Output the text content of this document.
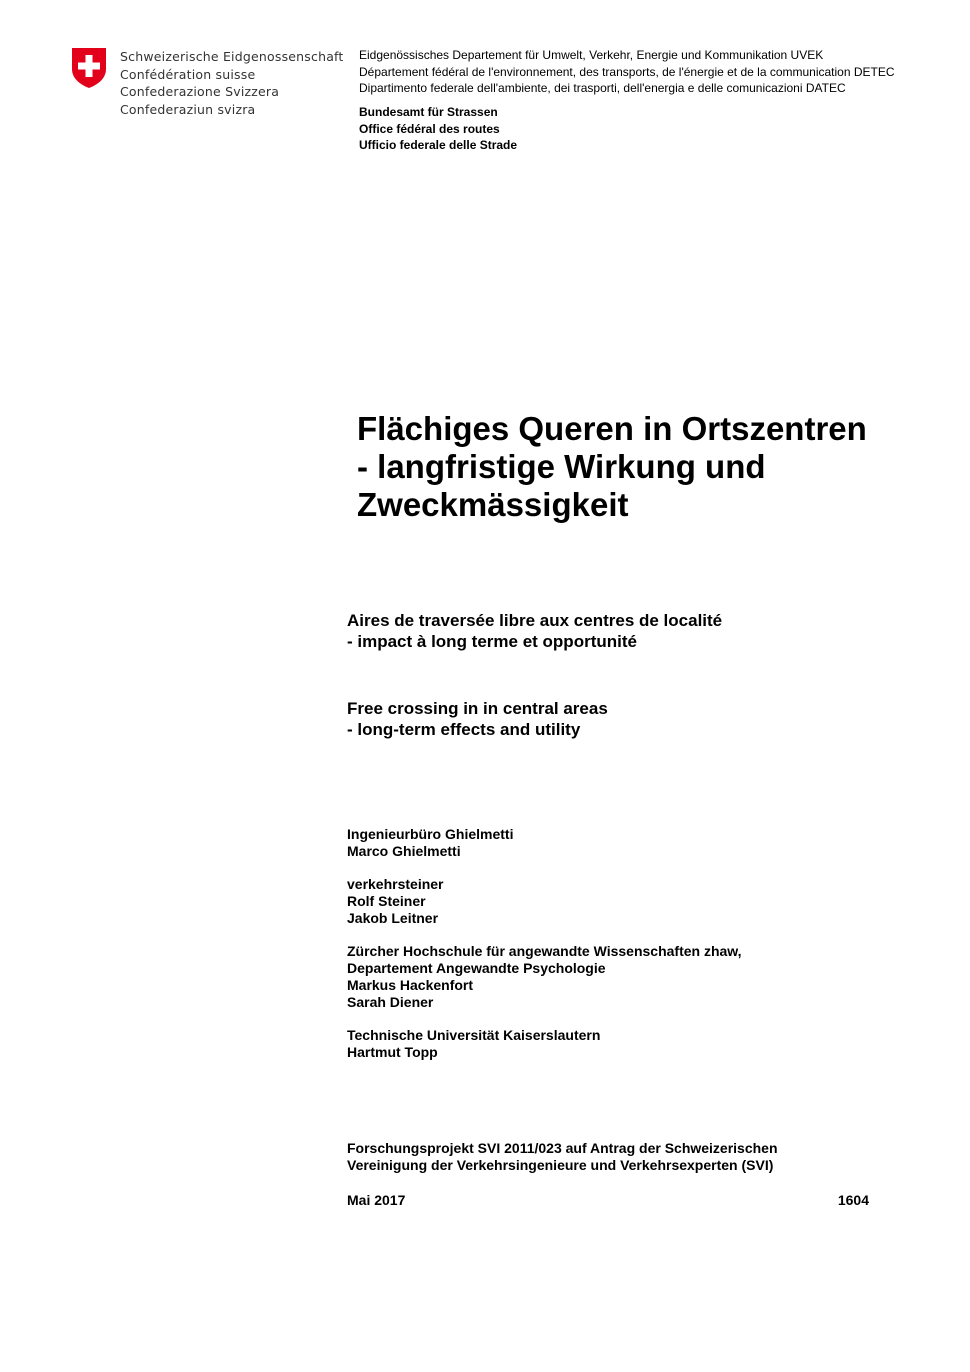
Schweizerische Eidgenossenschaft
Confédération suisse
Confederazione Svizzera
Confederaziun svizra
Eidgenössisches Departement für Umwelt, Verkehr, Energie und Kommunikation UVEK
Département fédéral de l'environnement, des transports, de l'énergie et de la communication DETEC
Dipartimento federale dell'ambiente, dei trasporti, dell'energia e delle comunicazioni DATEC
Bundesamt für Strassen
Office fédéral des routes
Ufficio federale delle Strade
Flächiges Queren in Ortszentren
- langfristige Wirkung und
Zweckmässigkeit
Aires de traversée libre aux centres de localité
- impact à long terme et opportunité
Free crossing in in central areas
- long-term effects and utility
Ingenieurbüro Ghielmetti
Marco Ghielmetti
verkehrsteiner
Rolf Steiner
Jakob Leitner
Zürcher Hochschule für angewandte Wissenschaften zhaw,
Departement Angewandte Psychologie
Markus Hackenfort
Sarah Diener
Technische Universität Kaiserslautern
Hartmut Topp
Forschungsprojekt SVI 2011/023 auf Antrag der Schweizerischen
Vereinigung der Verkehrsingenieure und Verkehrsexperten (SVI)
Mai 2017	1604
